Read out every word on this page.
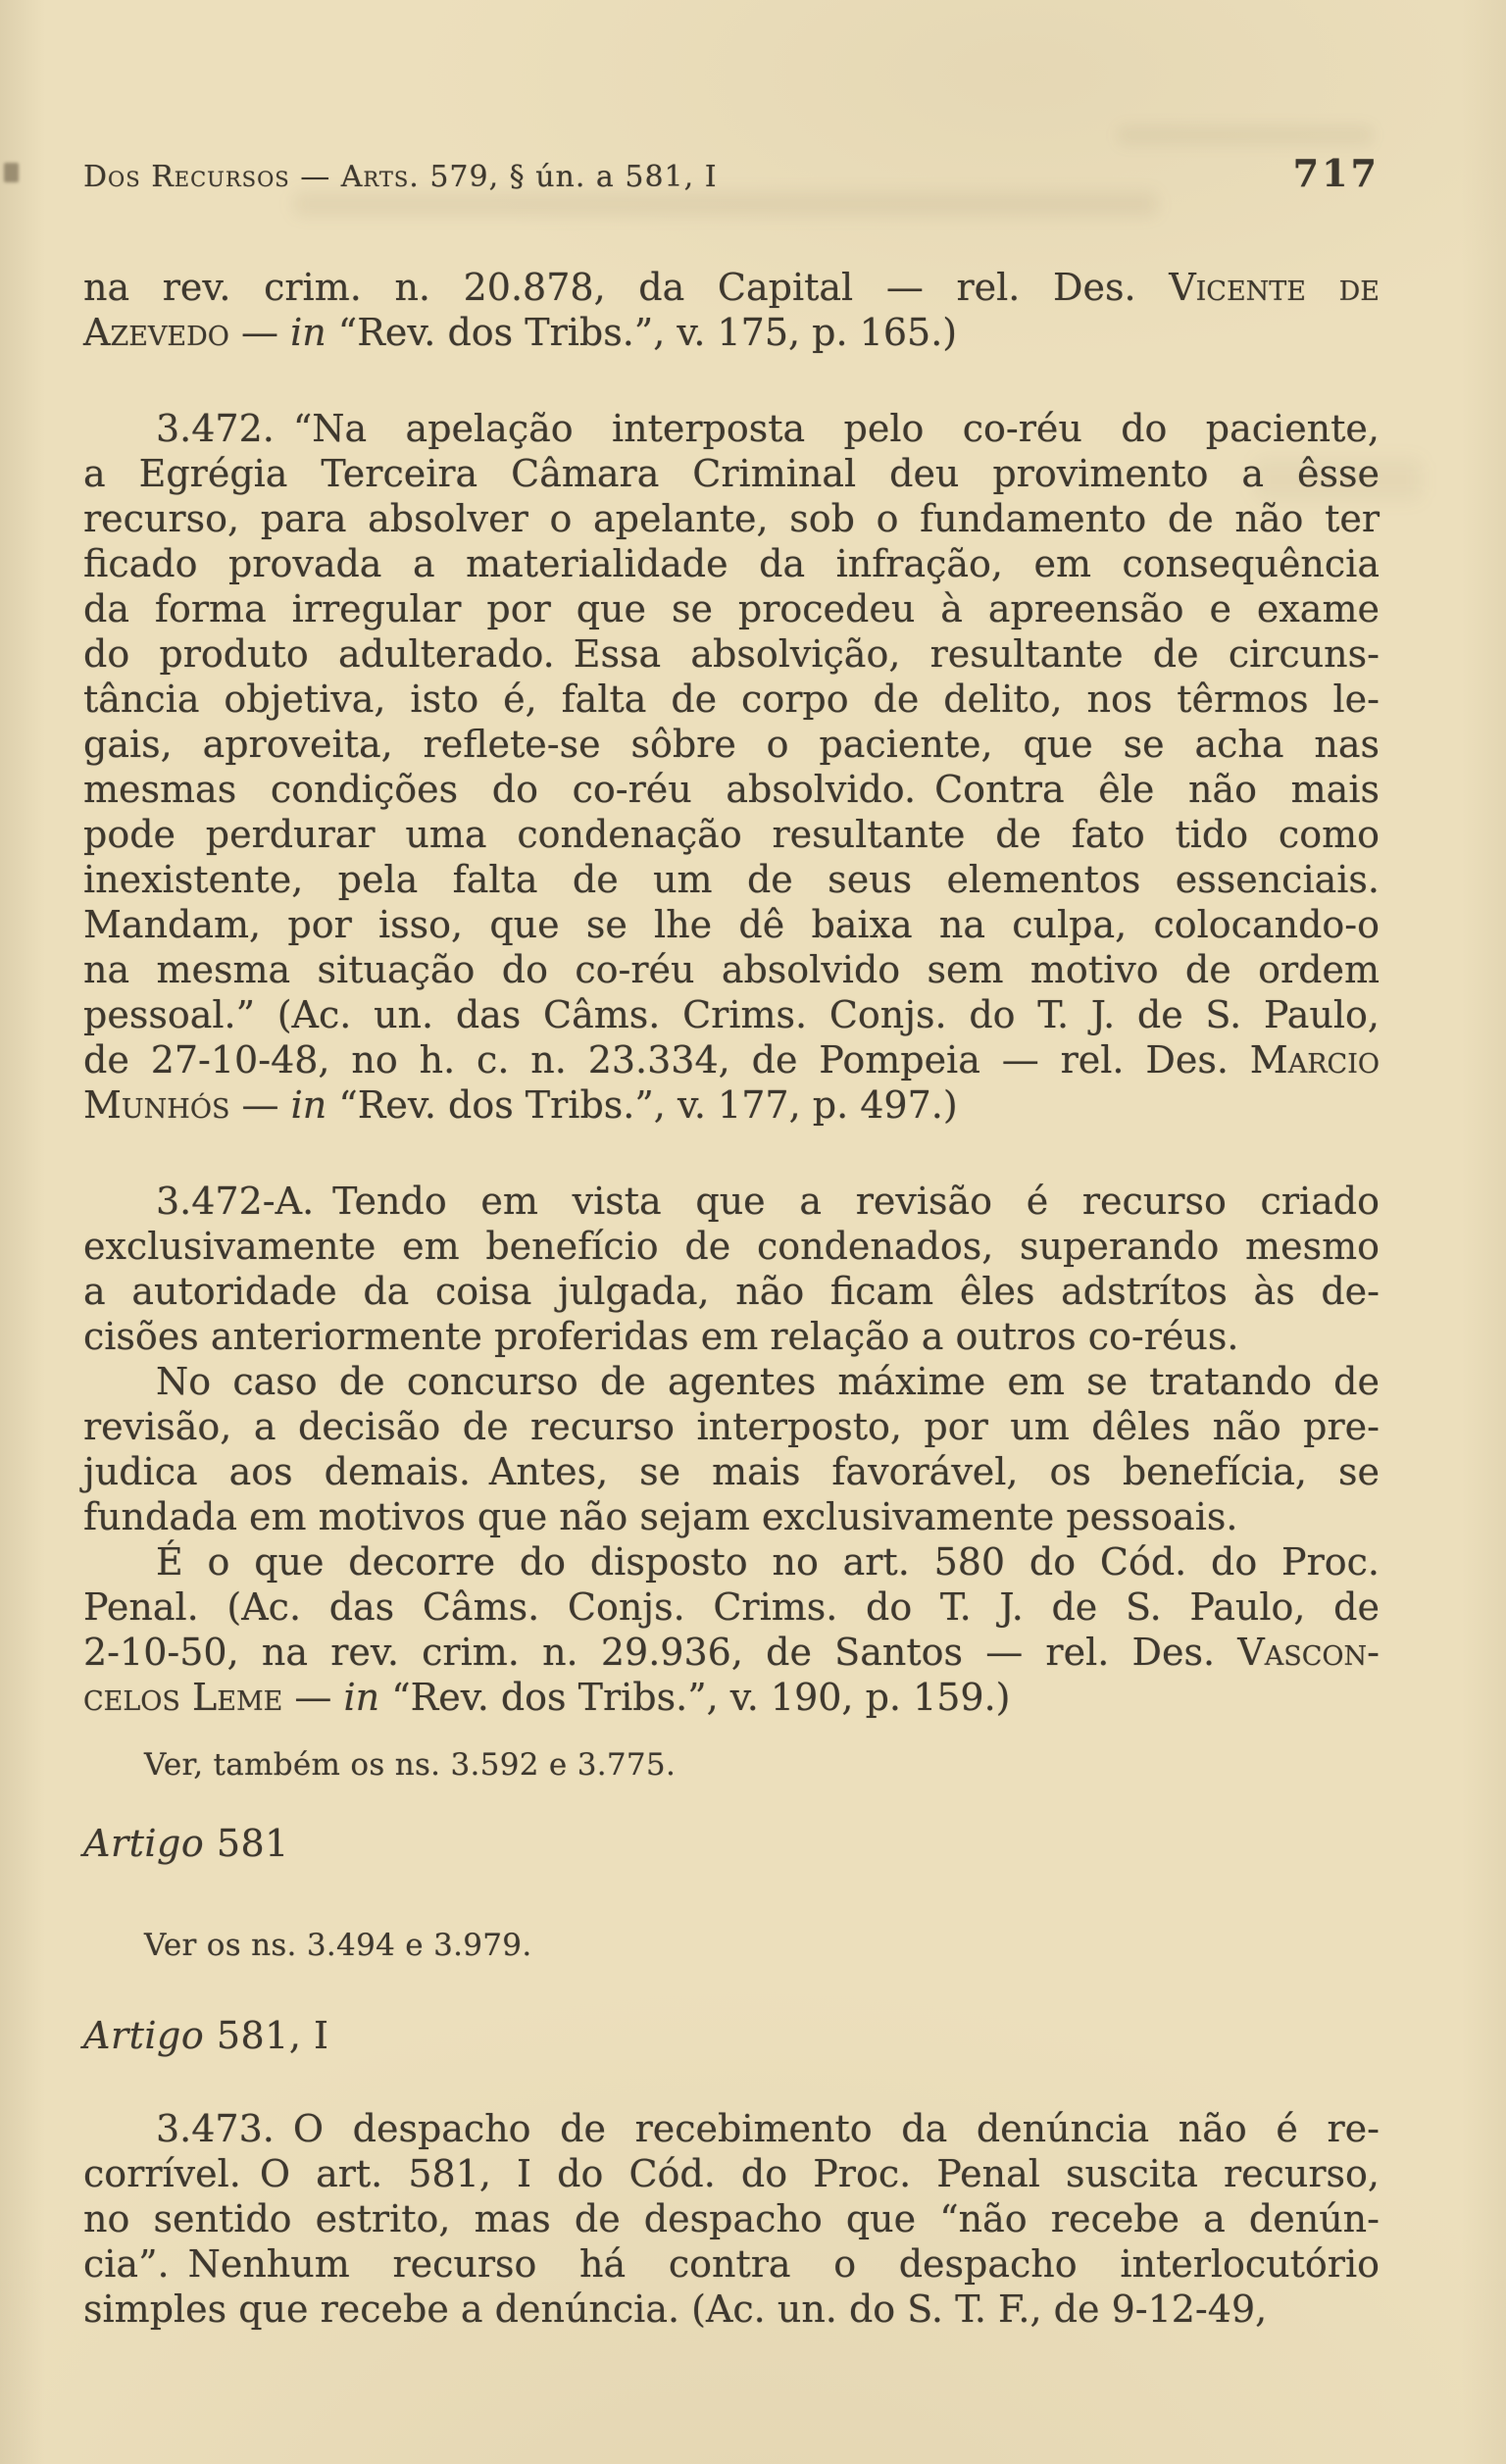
Dos Recursos — Arts. 579, § ún. a 581, I	717
na rev. crim. n. 20.878, da Capital — rel. Des. Vicente de
Azevedo — in “Rev. dos Tribs.”, v. 175, p. 165.)
3.472. “Na apelação interposta pelo co-réu do paciente,
a Egrégia Terceira Câmara Criminal deu provimento a êsse
recurso, para absolver o apelante, sob o fundamento de não ter
ficado provada a materialidade da infração, em consequência
da forma irregular por que se procedeu à apreensão e exame
do produto adulterado. Essa absolvição, resultante de circuns-
tância objetiva, isto é, falta de corpo de delito, nos têrmos le-
gais, aproveita, reflete-se sôbre o paciente, que se acha nas
mesmas condições do co-réu absolvido. Contra êle não mais
pode perdurar uma condenação resultante de fato tido como
inexistente, pela falta de um de seus elementos essenciais.
Mandam, por isso, que se lhe dê baixa na culpa, colocando-o
na mesma situação do co-réu absolvido sem motivo de ordem
pessoal.” (Ac. un. das Câms. Crims. Conjs. do T. J. de S. Paulo,
de 27-10-48, no h. c. n. 23.334, de Pompeia — rel. Des. Marcio
Munhós — in “Rev. dos Tribs.”, v. 177, p. 497.)
3.472-A. Tendo em vista que a revisão é recurso criado
exclusivamente em benefício de condenados, superando mesmo
a autoridade da coisa julgada, não ficam êles adstrítos às de-
cisões anteriormente proferidas em relação a outros co-réus.
No caso de concurso de agentes máxime em se tratando de
revisão, a decisão de recurso interposto, por um dêles não pre-
judica aos demais. Antes, se mais favorável, os benefícia, se
fundada em motivos que não sejam exclusivamente pessoais.
É o que decorre do disposto no art. 580 do Cód. do Proc.
Penal. (Ac. das Câms. Conjs. Crims. do T. J. de S. Paulo, de
2-10-50, na rev. crim. n. 29.936, de Santos — rel. Des. Vascon-
celos Leme — in “Rev. dos Tribs.”, v. 190, p. 159.)
Ver, também os ns. 3.592 e 3.775.
Artigo 581
Ver os ns. 3.494 e 3.979.
Artigo 581, I
3.473. O despacho de recebimento da denúncia não é re-
corrível. O art. 581, I do Cód. do Proc. Penal suscita recurso,
no sentido estrito, mas de despacho que “não recebe a denún-
cia”. Nenhum recurso há contra o despacho interlocutório
simples que recebe a denúncia. (Ac. un. do S. T. F., de 9-12-49,
